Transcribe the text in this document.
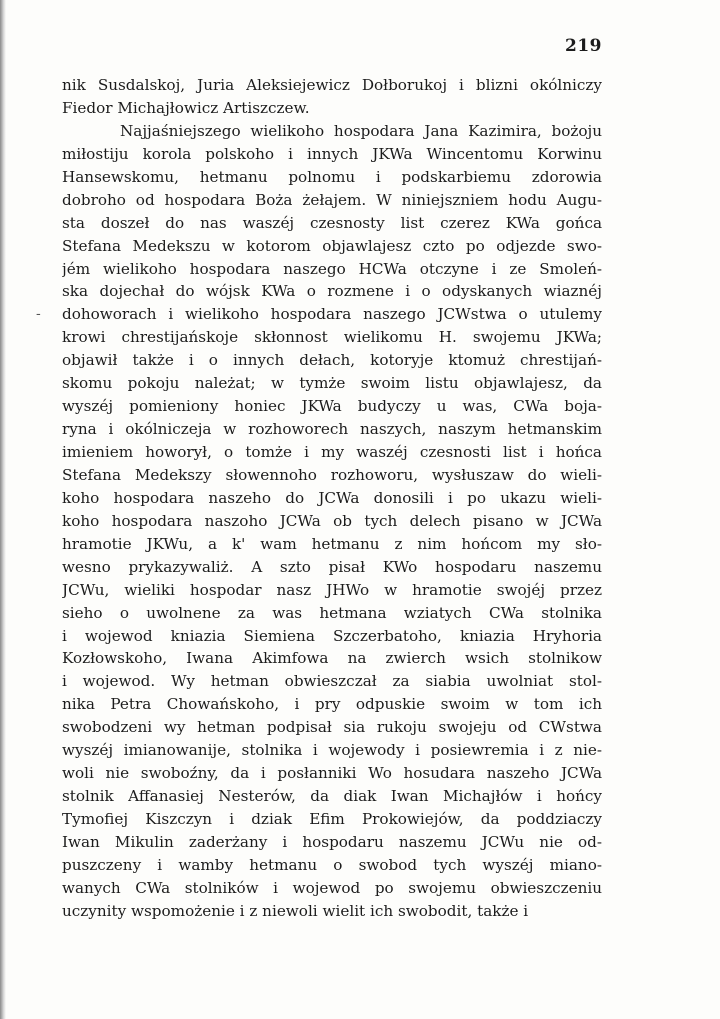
219
-
nik Susdalskoj, Juria Aleksiejewicz Dołborukoj i blizni okólniczy
Fiedor Michajłowicz Artiszczew.
Najjaśniejszego wielikoho hospodara Jana Kazimira, bożoju
miłostiju korola polskoho i innych JKWa Wincentomu Korwinu
Hansewskomu, hetmanu polnomu i podskarbiemu zdorowia
dobroho od hospodara Boża żełajem. W niniejszniem hodu Augu-
sta doszeł do nas waszéj czesnosty list czerez KWa gońca
Stefana Medekszu w kotorom objawlajesz czto po odjezde swo-
jém wielikoho hospodara naszego HCWa otczyne i ze Smoleń-
ska dojechał do wójsk KWa o rozmene i o odyskanych wiaznéj
dohoworach i wielikoho hospodara naszego JCWstwa o utulemy
krowi chrestijańskoje skłonnost wielikomu H. swojemu JKWa;
objawił także i o innych dełach, kotoryje ktomuż chrestijań-
skomu pokoju należat; w tymże swoim listu objawlajesz, da
wyszéj pomieniony honiec JKWa budyczy u was, CWa boja-
ryna i okólniczeja w rozhoworech naszych, naszym hetmanskim
imieniem howorył, o tomże i my waszéj czesnosti list i hońca
Stefana Medekszy słowennoho rozhoworu, wysłuszaw do wieli-
koho hospodara naszeho do JCWa donosili i po ukazu wieli-
koho hospodara naszoho JCWa ob tych delech pisano w JCWa
hramotie JKWu, a k' wam hetmanu z nim hońcom my sło-
wesno prykazywaliż. A szto pisał KWo hospodaru naszemu
JCWu, wieliki hospodar nasz JHWo w hramotie swojéj przez
sieho o uwolnene za was hetmana wziatych CWa stolnika
i wojewod kniazia Siemiena Szczerbatoho, kniazia Hryhoria
Kozłowskoho, Iwana Akimfowa na zwierch wsich stolnikow
i wojewod. Wy hetman obwieszczał za siabia uwolniat stol-
nika Petra Chowańskoho, i pry odpuskie swoim w tom ich
swobodzeni wy hetman podpisał sia rukoju swojeju od CWstwa
wyszéj imianowanije, stolnika i wojewody i posiewremia i z nie-
woli nie swoboźny, da i posłanniki Wo hosudara naszeho JCWa
stolnik Affanasiej Nesterów, da diak Iwan Michajłów i hońcy
Tymofiej Kiszczyn i dziak Efim Prokowiejów, da poddziaczy
Iwan Mikulin zaderżany i hospodaru naszemu JCWu nie od-
puszczeny i wamby hetmanu o swobod tych wyszéj miano-
wanych CWa stolników i wojewod po swojemu obwieszczeniu
uczynity wspomożenie i z niewoli wielit ich swobodit, także i
